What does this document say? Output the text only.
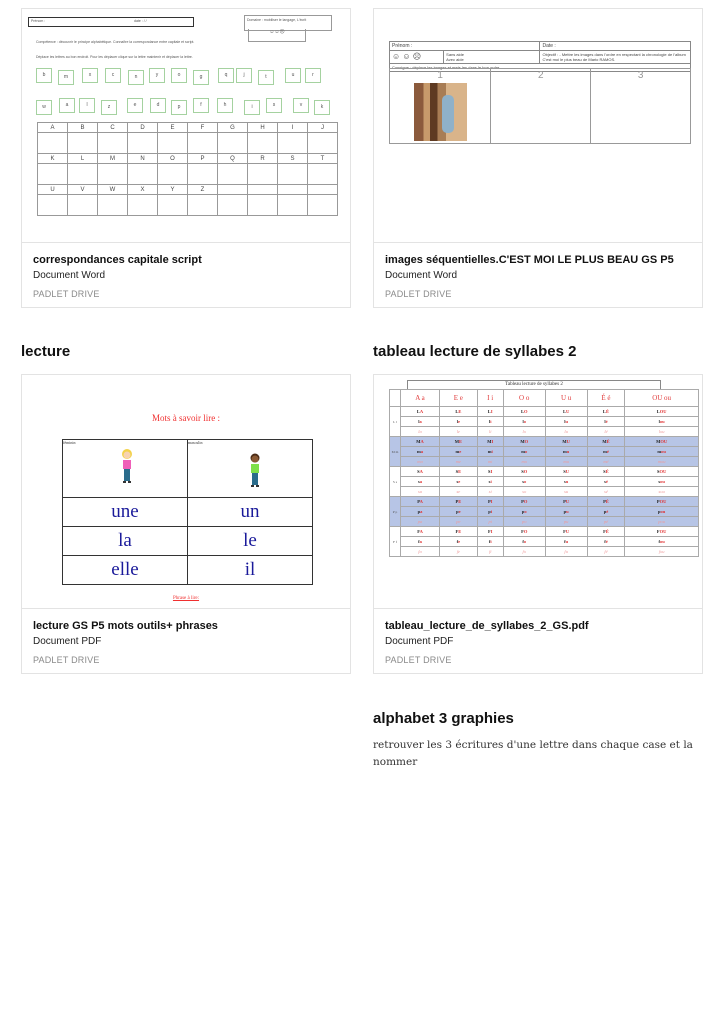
Prénom :	date : / /	Domaine : mobiliser le langage, L'écrit
☺☺☹
Compétence : découvrir le principe alphabétique. Connaître la correspondance entre capitale et script.
Déplace les lettres au bon endroit. Pour les déplacer clique sur la lettre maintenir et déplacer la lettre.
b	m	x	c	n	y	o	g	q	j	t	u	r
w	a	l	z	e	d	p	f	h	i	s	v	k
A	B	C	D	E	F	G	H	I	J

K	L	M	N	O	P	Q	R	S	T

U	V	W	X	Y	Z				

correspondances capitale script
Document Word
PADLET DRIVE
lecture
Mots à savoir lire :
féminin	masculin

une	un
la	le
elle	il
Phrase à lire:
lecture GS P5 mots outils+ phrases
Document PDF
PADLET DRIVE
Prénom :		Date :
☺ ☺ ☹	Sans aide
Avec aide	Objectif : - Mettre les images dans l'ordre en respectant la chronologie de l'album C'est moi le plus beau de Mario RAMOS.
Consigne : déplace les images et mets-les dans le bon ordre.		
1	2	3
images séquentielles.C'EST MOI LE PLUS BEAU GS P5
Document Word
PADLET DRIVE
tableau lecture de syllabes 2
Tableau lecture de syllabes 2
	A a	E e	I i	O o	U u	É é	OU ou
L l	LA	LE	LI	LO	LU	LÉ	LOU
	la	le	li	lo	lu	lé	lou
	la	le	li	lo	lu	lé	lou
M m	MA	ME	MI	MO	MU	MÉ	MOU
	ma	me	mi	mo	mu	mé	mou
	ma	me	mi	mo	mu	mé	mou
S s	SA	SE	SI	SO	SU	SÉ	SOU
	sa	se	si	so	su	sé	sou
	sa	se	si	so	su	sé	sou
P p	PA	PE	PI	PO	PU	PÉ	POU
	pa	pe	pi	po	pu	pé	pou
	pa	pe	pi	po	pu	pé	pou
F f	FA	FE	FI	FO	FU	FÉ	FOU
	fa	fe	fi	fo	fu	fé	fou
	fa	fe	fi	fo	fu	fé	fou
tableau_lecture_de_syllabes_2_GS.pdf
Document PDF
PADLET DRIVE
alphabet 3 graphies
retrouver les 3 écritures d'une lettre dans chaque case et la nommer
